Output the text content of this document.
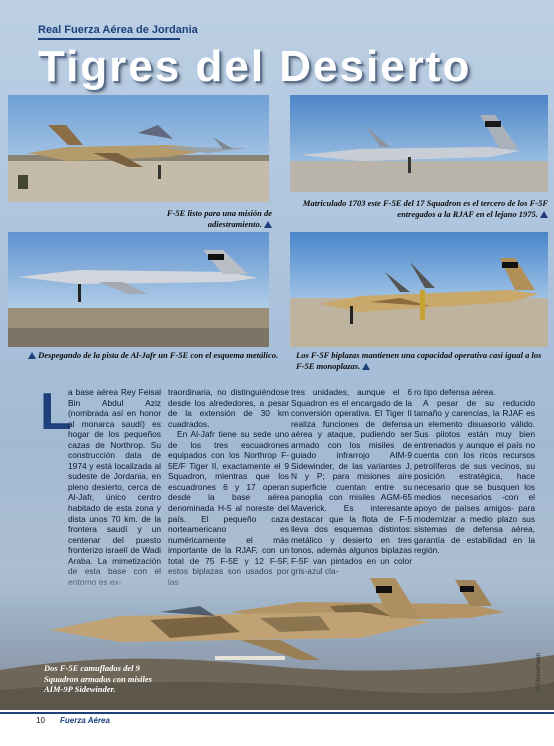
Real Fuerza Aérea de Jordania
Tigres del Desierto
F-5E listo para una misión de adiestramiento.
Matriculado 1703 este F-5E del 17 Squadron es el tercero de los F-5F entregados a la RJAF en el lejano 1975.
Despegando de la pista de Al-Jafr un F-5E con el esquema metálico.	Los F-5F biplazas mantienen una capacidad operativa casi igual a los F-5E monoplazas.
L

a base aérea Rey Feisal Bin Abdul Aziz (nombrada así en honor al monarca saudí) es hogar de los pequeños cazas de Northrop. Su construcción data de 1974 y está localizada al sudeste de Jordania, en pleno desierto, cerca de Al-Jafr, único centro habitado de esta zona y dista unos 70 km. de la frontera saudí y un centenar del puesto fronterizo israelí de Wadi

traordinaria, no distinguiéndose desde los alrededores, a pesar de la extensión de 30 km cuadrados.

En Al-Jafr tiene su sede uno de los tres escuadrones equipados con los Northrop F-5E/F Tiger II, exactamente el 9 Squadron, mientras que los escuadrones 6 y 17 operan desde la base aérea denominada H-5 al noreste del país. El pequeño caza norteamericano es numéricamente el más importante de la RJAF, con un

tres unidades, aunque el 6 Squadron es el encargado de la conversión operativa. El Tiger II realiza funciones de defensa aérea y ataque, pudiendo ser armado con los misiles de guiado infrarrojo AIM-9 Sidewinder, de las variantes J, N y P; para misiones aire superficie cuentan entre su panoplia con misiles AGM-65 Maverick. Es interesante destacar que la flota de F-5 lleva dos esquemas distintos: metálico y desierto en tres tonos, además algunos biplazas

ro tipo defensa aérea.

A pesar de su reducido tamaño y carencias, la RJAF es un elemento disuasorio válido. Sus pilotos están muy bien entrenados y aunque el país no cuenta con los ricos recursos petrolíferos de sus vecinos, su posición estratégica, hace necesario que se busquen los medios necesarios -con el apoyo de países amigos- para modernizar a medio plazo sus sistemas de defensa aérea, garantía de estabilidad en la región.

Dos F-5E camuflados del 9 Squadron armados con misiles AIM-9P Sidewinder.	P.Steinemann
10 Fuerza Aérea
